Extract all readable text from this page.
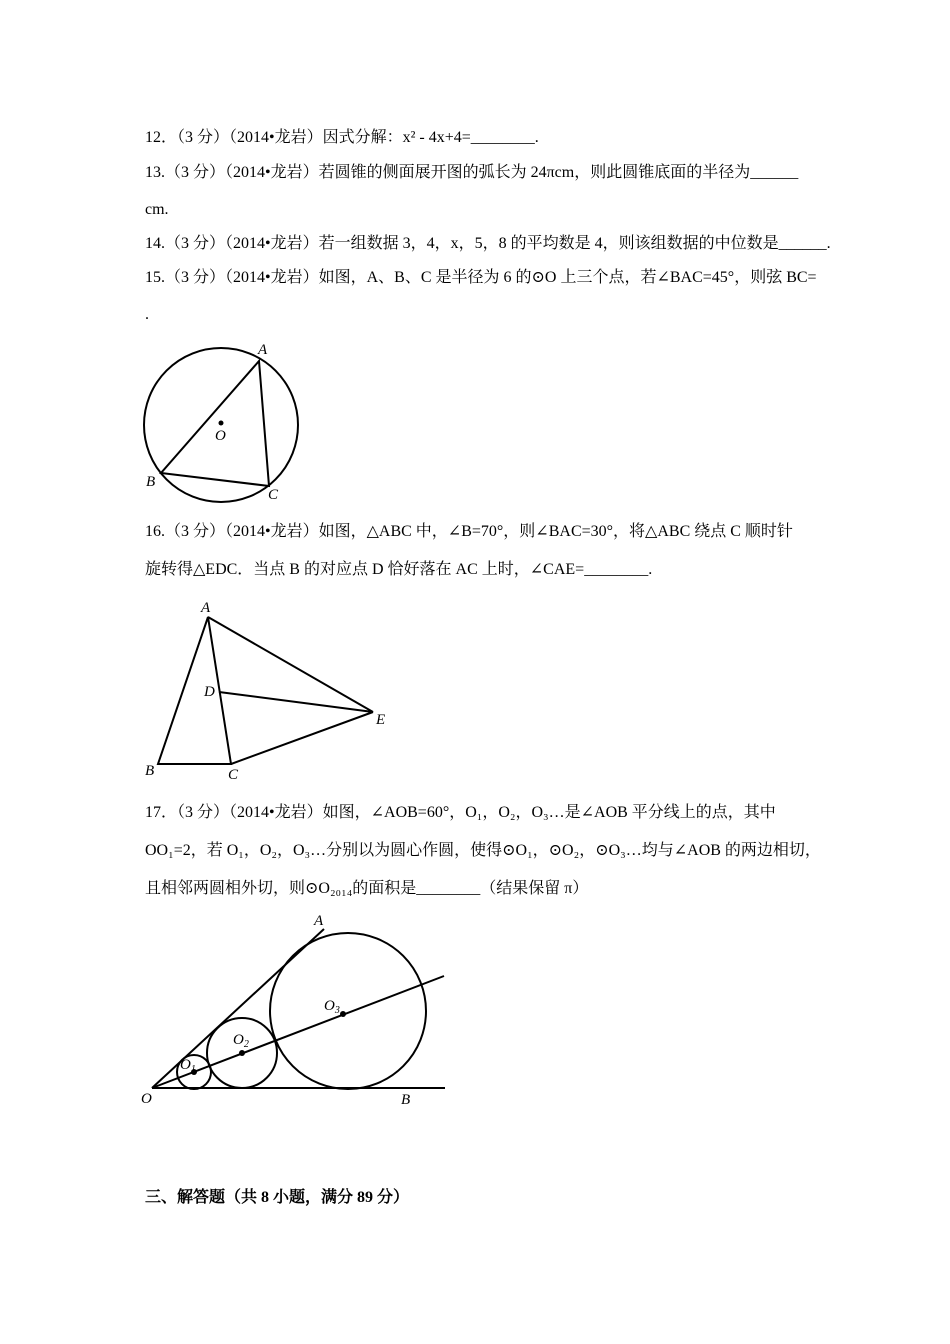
12．（3 分）（2014•龙岩）因式分解：x² - 4x+4=________.
13.（3 分）（2014•龙岩）若圆锥的侧面展开图的弧长为 24πcm，则此圆锥底面的半径为______
cm.
14.（3 分）（2014•龙岩）若一组数据 3，4，x，5，8 的平均数是 4，则该组数据的中位数是______.
15.（3 分）（2014•龙岩）如图，A、B、C 是半径为 6 的⊙O 上三个点，若∠BAC=45°，则弦 BC=
.
A
B
C
O
16.（3 分）（2014•龙岩）如图，△ABC 中，∠B=70°，则∠BAC=30°，将△ABC 绕点 C 顺时针
旋转得△EDC．当点 B 的对应点 D 恰好落在 AC 上时，∠CAE=________.
A
B	C
D
E
17．（3 分）（2014•龙岩）如图，∠AOB=60°，O₁，O₂，O₃…是∠AOB 平分线上的点，其中
OO₁=2，若 O₁，O₂，O₃…分别以为圆心作圆，使得⊙O₁，⊙O₂，⊙O₃…均与∠AOB 的两边相切，
且相邻两圆相外切，则⊙O₂₀₁₄的面积是________（结果保留 π）
A
B
O
$O_1$
$O_2$
$O_3$
三、解答题（共 8 小题，满分 89 分）
